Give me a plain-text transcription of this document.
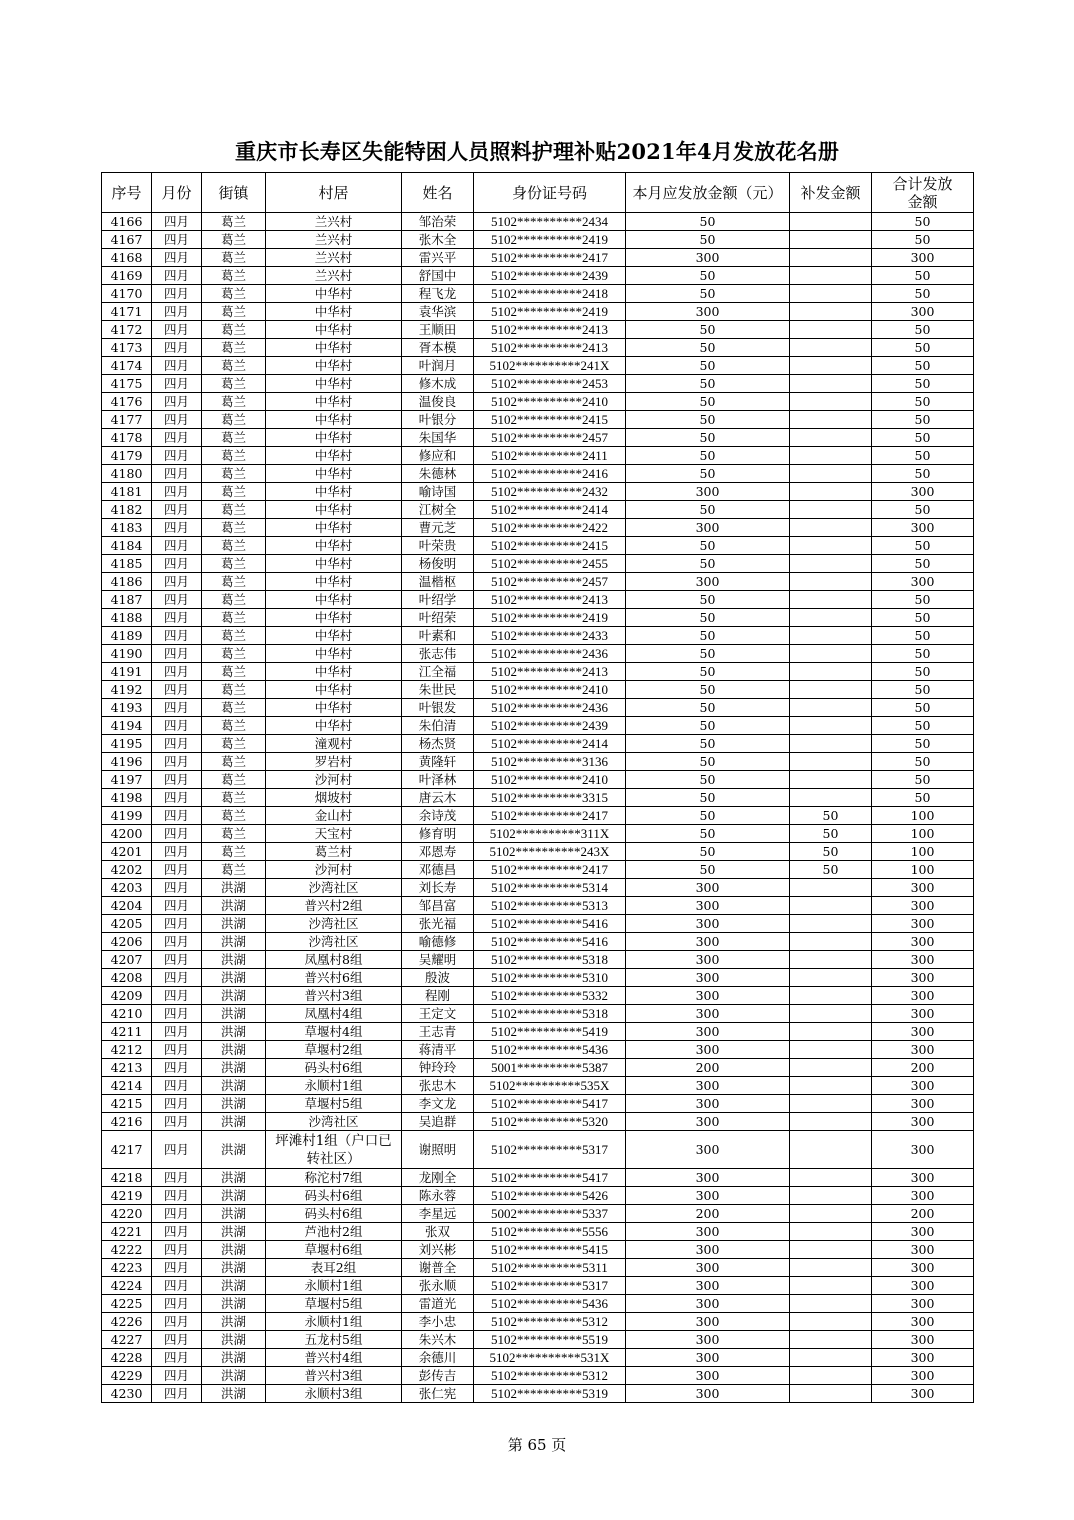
重庆市长寿区失能特困人员照料护理补贴2021年4月发放花名册
序号	月份	街镇	村居	姓名	身份证号码	本月应发放金额（元）	补发金额	合计发放金额

4166	四月	葛兰	兰兴村	邹治荣	5102**********2434	50		50
4167	四月	葛兰	兰兴村	张木全	5102**********2419	50		50
4168	四月	葛兰	兰兴村	雷兴平	5102**********2417	300		300
4169	四月	葛兰	兰兴村	舒国中	5102**********2439	50		50
4170	四月	葛兰	中华村	程飞龙	5102**********2418	50		50
4171	四月	葛兰	中华村	袁华滨	5102**********2419	300		300
4172	四月	葛兰	中华村	王顺田	5102**********2413	50		50
4173	四月	葛兰	中华村	胥本模	5102**********2413	50		50
4174	四月	葛兰	中华村	叶润月	5102**********241X	50		50
4175	四月	葛兰	中华村	修木成	5102**********2453	50		50
4176	四月	葛兰	中华村	温俊良	5102**********2410	50		50
4177	四月	葛兰	中华村	叶银分	5102**********2415	50		50
4178	四月	葛兰	中华村	朱国华	5102**********2457	50		50
4179	四月	葛兰	中华村	修应和	5102**********2411	50		50
4180	四月	葛兰	中华村	朱德林	5102**********2416	50		50
4181	四月	葛兰	中华村	喻诗国	5102**********2432	300		300
4182	四月	葛兰	中华村	江树全	5102**********2414	50		50
4183	四月	葛兰	中华村	曹元芝	5102**********2422	300		300
4184	四月	葛兰	中华村	叶荣贵	5102**********2415	50		50
4185	四月	葛兰	中华村	杨俊明	5102**********2455	50		50
4186	四月	葛兰	中华村	温楷枢	5102**********2457	300		300
4187	四月	葛兰	中华村	叶绍学	5102**********2413	50		50
4188	四月	葛兰	中华村	叶绍荣	5102**********2419	50		50
4189	四月	葛兰	中华村	叶素和	5102**********2433	50		50
4190	四月	葛兰	中华村	张志伟	5102**********2436	50		50
4191	四月	葛兰	中华村	江全福	5102**********2413	50		50
4192	四月	葛兰	中华村	朱世民	5102**********2410	50		50
4193	四月	葛兰	中华村	叶银发	5102**********2436	50		50
4194	四月	葛兰	中华村	朱伯清	5102**********2439	50		50
4195	四月	葛兰	潼观村	杨杰贤	5102**********2414	50		50
4196	四月	葛兰	罗岩村	黄隆轩	5102**********3136	50		50
4197	四月	葛兰	沙河村	叶泽林	5102**********2410	50		50
4198	四月	葛兰	烟坡村	唐云木	5102**********3315	50		50
4199	四月	葛兰	金山村	余诗茂	5102**********2417	50	50	100
4200	四月	葛兰	天宝村	修育明	5102**********311X	50	50	100
4201	四月	葛兰	葛兰村	邓恩寿	5102**********243X	50	50	100
4202	四月	葛兰	沙河村	邓德昌	5102**********2417	50	50	100
4203	四月	洪湖	沙湾社区	刘长寿	5102**********5314	300		300
4204	四月	洪湖	普兴村2组	邹昌富	5102**********5313	300		300
4205	四月	洪湖	沙湾社区	张光福	5102**********5416	300		300
4206	四月	洪湖	沙湾社区	喻德修	5102**********5416	300		300
4207	四月	洪湖	凤凰村8组	吴耀明	5102**********5318	300		300
4208	四月	洪湖	普兴村6组	殷波	5102**********5310	300		300
4209	四月	洪湖	普兴村3组	程刚	5102**********5332	300		300
4210	四月	洪湖	凤凰村4组	王定文	5102**********5318	300		300
4211	四月	洪湖	草堰村4组	王志青	5102**********5419	300		300
4212	四月	洪湖	草堰村2组	蒋清平	5102**********5436	300		300
4213	四月	洪湖	码头村6组	钟玲玲	5001**********5387	200		200
4214	四月	洪湖	永顺村1组	张忠木	5102**********535X	300		300
4215	四月	洪湖	草堰村5组	李文龙	5102**********5417	300		300
4216	四月	洪湖	沙湾社区	吴追群	5102**********5320	300		300
4217	四月	洪湖	坪滩村1组（户口已转社区）	谢照明	5102**********5317	300		300
4218	四月	洪湖	称沱村7组	龙刚全	5102**********5417	300		300
4219	四月	洪湖	码头村6组	陈永蓉	5102**********5426	300		300
4220	四月	洪湖	码头村6组	李星远	5002**********5337	200		200
4221	四月	洪湖	芦池村2组	张双	5102**********5556	300		300
4222	四月	洪湖	草堰村6组	刘兴彬	5102**********5415	300		300
4223	四月	洪湖	表耳2组	谢普全	5102**********5311	300		300
4224	四月	洪湖	永顺村1组	张永顺	5102**********5317	300		300
4225	四月	洪湖	草堰村5组	雷道光	5102**********5436	300		300
4226	四月	洪湖	永顺村1组	李小忠	5102**********5312	300		300
4227	四月	洪湖	五龙村5组	朱兴木	5102**********5519	300		300
4228	四月	洪湖	普兴村4组	余德川	5102**********531X	300		300
4229	四月	洪湖	普兴村3组	彭传吉	5102**********5312	300		300
4230	四月	洪湖	永顺村3组	张仁宪	5102**********5319	300		300
第 65 页
